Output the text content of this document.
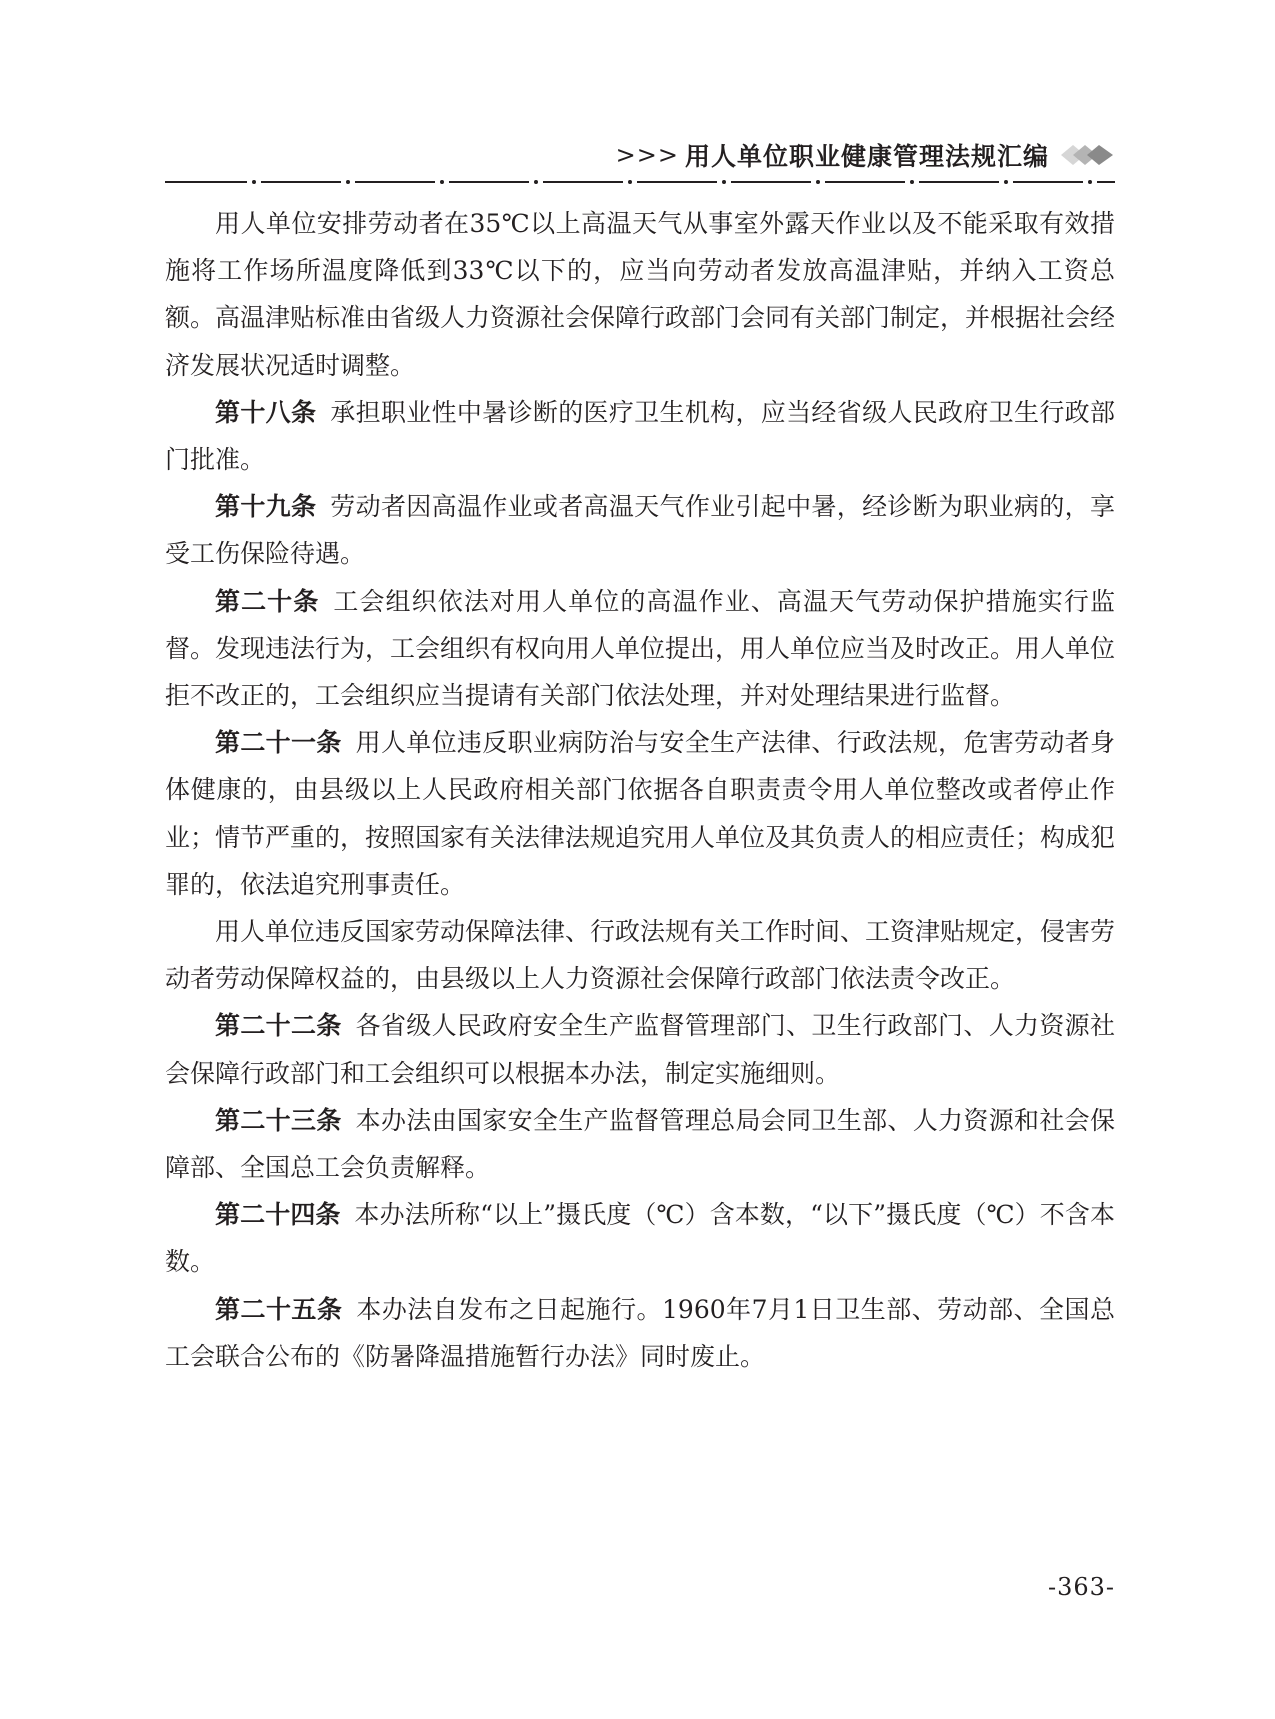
>>> 用人单位职业健康管理法规汇编

用人单位安排劳动者在35℃以上高温天气从事室外露天作业以及不能采取有效措施将工作场所温度降低到33℃以下的，应当向劳动者发放高温津贴，并纳入工资总额。高温津贴标准由省级人力资源社会保障行政部门会同有关部门制定，并根据社会经济发展状况适时调整。

第十八条 承担职业性中暑诊断的医疗卫生机构，应当经省级人民政府卫生行政部门批准。

第十九条 劳动者因高温作业或者高温天气作业引起中暑，经诊断为职业病的，享受工伤保险待遇。

第二十条 工会组织依法对用人单位的高温作业、高温天气劳动保护措施实行监督。发现违法行为，工会组织有权向用人单位提出，用人单位应当及时改正。用人单位拒不改正的，工会组织应当提请有关部门依法处理，并对处理结果进行监督。

第二十一条 用人单位违反职业病防治与安全生产法律、行政法规，危害劳动者身体健康的，由县级以上人民政府相关部门依据各自职责责令用人单位整改或者停止作业；情节严重的，按照国家有关法律法规追究用人单位及其负责人的相应责任；构成犯罪的，依法追究刑事责任。

用人单位违反国家劳动保障法律、行政法规有关工作时间、工资津贴规定，侵害劳动者劳动保障权益的，由县级以上人力资源社会保障行政部门依法责令改正。

第二十二条 各省级人民政府安全生产监督管理部门、卫生行政部门、人力资源社会保障行政部门和工会组织可以根据本办法，制定实施细则。

第二十三条 本办法由国家安全生产监督管理总局会同卫生部、人力资源和社会保障部、全国总工会负责解释。

第二十四条 本办法所称“以上”摄氏度（℃）含本数，“以下”摄氏度（℃）不含本数。

第二十五条 本办法自发布之日起施行。1960年7月1日卫生部、劳动部、全国总工会联合公布的《防暑降温措施暂行办法》同时废止。

-363-
